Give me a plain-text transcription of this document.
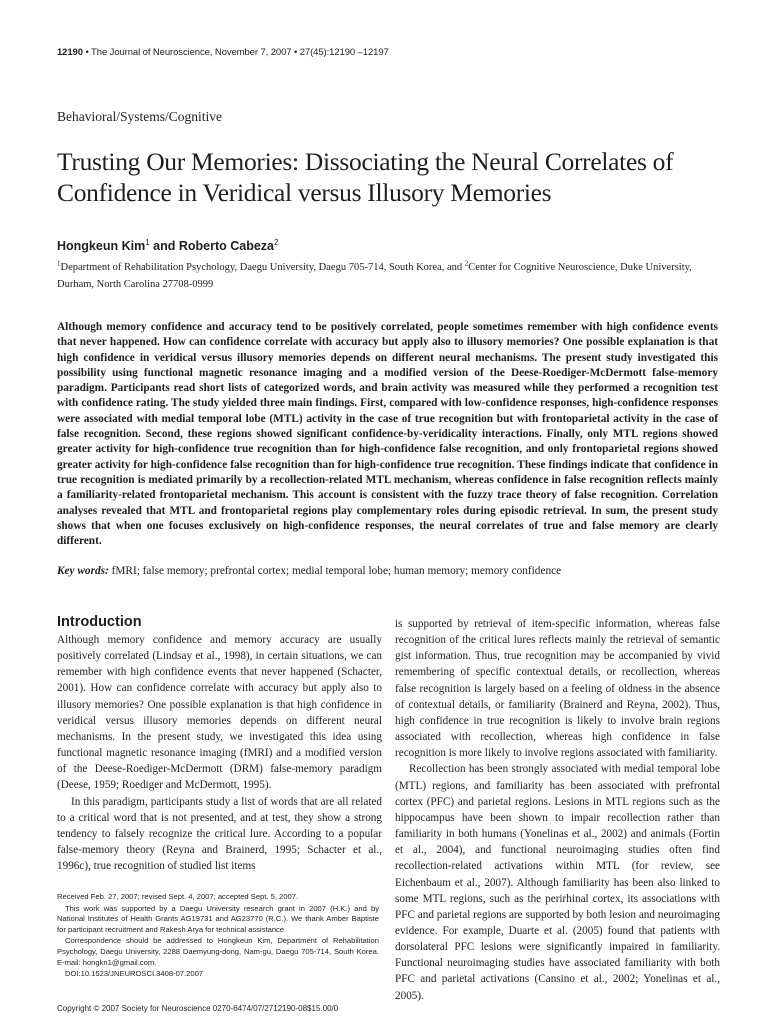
12190 • The Journal of Neuroscience, November 7, 2007 • 27(45):12190 –12197
Behavioral/Systems/Cognitive
Trusting Our Memories: Dissociating the Neural Correlates of Confidence in Veridical versus Illusory Memories
Hongkeun Kim$^1$ and Roberto Cabeza$^2$
$^1$Department of Rehabilitation Psychology, Daegu University, Daegu 705-714, South Korea, and $^2$Center for Cognitive Neuroscience, Duke University, Durham, North Carolina 27708-0999
Although memory confidence and accuracy tend to be positively correlated, people sometimes remember with high confidence events that never happened. How can confidence correlate with accuracy but apply also to illusory memories? One possible explanation is that high confidence in veridical versus illusory memories depends on different neural mechanisms. The present study investigated this possibility using functional magnetic resonance imaging and a modified version of the Deese-Roediger-McDermott false-memory paradigm. Participants read short lists of categorized words, and brain activity was measured while they performed a recognition test with confidence rating. The study yielded three main findings. First, compared with low-confidence responses, high-confidence responses were associated with medial temporal lobe (MTL) activity in the case of true recognition but with frontoparietal activity in the case of false recognition. Second, these regions showed significant confidence-by-veridicality interactions. Finally, only MTL regions showed greater activity for high-confidence true recognition than for high-confidence false recognition, and only frontoparietal regions showed greater activity for high-confidence false recognition than for high-confidence true recognition. These findings indicate that confidence in true recognition is mediated primarily by a recollection-related MTL mechanism, whereas confidence in false recognition reflects mainly a familiarity-related frontoparietal mechanism. This account is consistent with the fuzzy trace theory of false recognition. Correlation analyses revealed that MTL and frontoparietal regions play complementary roles during episodic retrieval. In sum, the present study shows that when one focuses exclusively on high-confidence responses, the neural correlates of true and false memory are clearly different.
Key words: fMRI; false memory; prefrontal cortex; medial temporal lobe; human memory; memory confidence
Introduction

Although memory confidence and memory accuracy are usually positively correlated (Lindsay et al., 1998), in certain situations, we can remember with high confidence events that never happened (Schacter, 2001). How can confidence correlate with accuracy but apply also to illusory memories? One possible explanation is that high confidence in veridical versus illusory memories depends on different neural mechanisms. In the present study, we investigated this idea using functional magnetic resonance imaging (fMRI) and a modified version of the Deese-Roediger-McDermott (DRM) false-memory paradigm (Deese, 1959; Roediger and McDermott, 1995).

In this paradigm, participants study a list of words that are all related to a critical word that is not presented, and at test, they show a strong tendency to falsely recognize the critical lure. According to a popular false-memory theory (Reyna and Brainerd, 1995; Schacter et al., 1996c), true recognition of studied list items

is supported by retrieval of item-specific information, whereas false recognition of the critical lures reflects mainly the retrieval of semantic gist information. Thus, true recognition may be accompanied by vivid remembering of specific contextual details, or recollection, whereas false recognition is largely based on a feeling of oldness in the absence of contextual details, or familiarity (Brainerd and Reyna, 2002). Thus, high confidence in true recognition is likely to involve brain regions associated with recollection, whereas high confidence in false recognition is more likely to involve regions associated with familiarity.

Recollection has been strongly associated with medial temporal lobe (MTL) regions, and familiarity has been associated with prefrontal cortex (PFC) and parietal regions. Lesions in MTL regions such as the hippocampus have been shown to impair recollection rather than familiarity in both humans (Yonelinas et al., 2002) and animals (Fortin et al., 2004), and functional neuroimaging studies often find recollection-related activations within MTL (for review, see Eichenbaum et al., 2007). Although familiarity has been also linked to some MTL regions, such as the perirhinal cortex, its associations with PFC and parietal regions are supported by both lesion and neuroimaging evidence. For example, Duarte et al. (2005) found that patients with dorsolateral PFC lesions were significantly impaired in familiarity. Functional neuroimaging studies have associated familiarity with both PFC and parietal activations (Cansino et al., 2002; Yonelinas et al., 2005).

Received Feb. 27, 2007; revised Sept. 4, 2007; accepted Sept. 5, 2007.

This work was supported by a Daegu University research grant in 2007 (H.K.) and by National Institutes of Health Grants AG19731 and AG23770 (R.C.). We thank Amber Baptiste for participant recruitment and Rakesh Arya for technical assistance.

Correspondence should be addressed to Hongkeun Kim, Department of Rehabilitation Psychology, Daegu University, 2288 Daemyung-dong, Nam-gu, Daegu 705-714, South Korea. E-mail: hongkn1@gmail.com.

DOI:10.1523/JNEUROSCI.3408-07.2007

Copyright © 2007 Society for Neuroscience 0270-6474/07/2712190-08$15.00/0
